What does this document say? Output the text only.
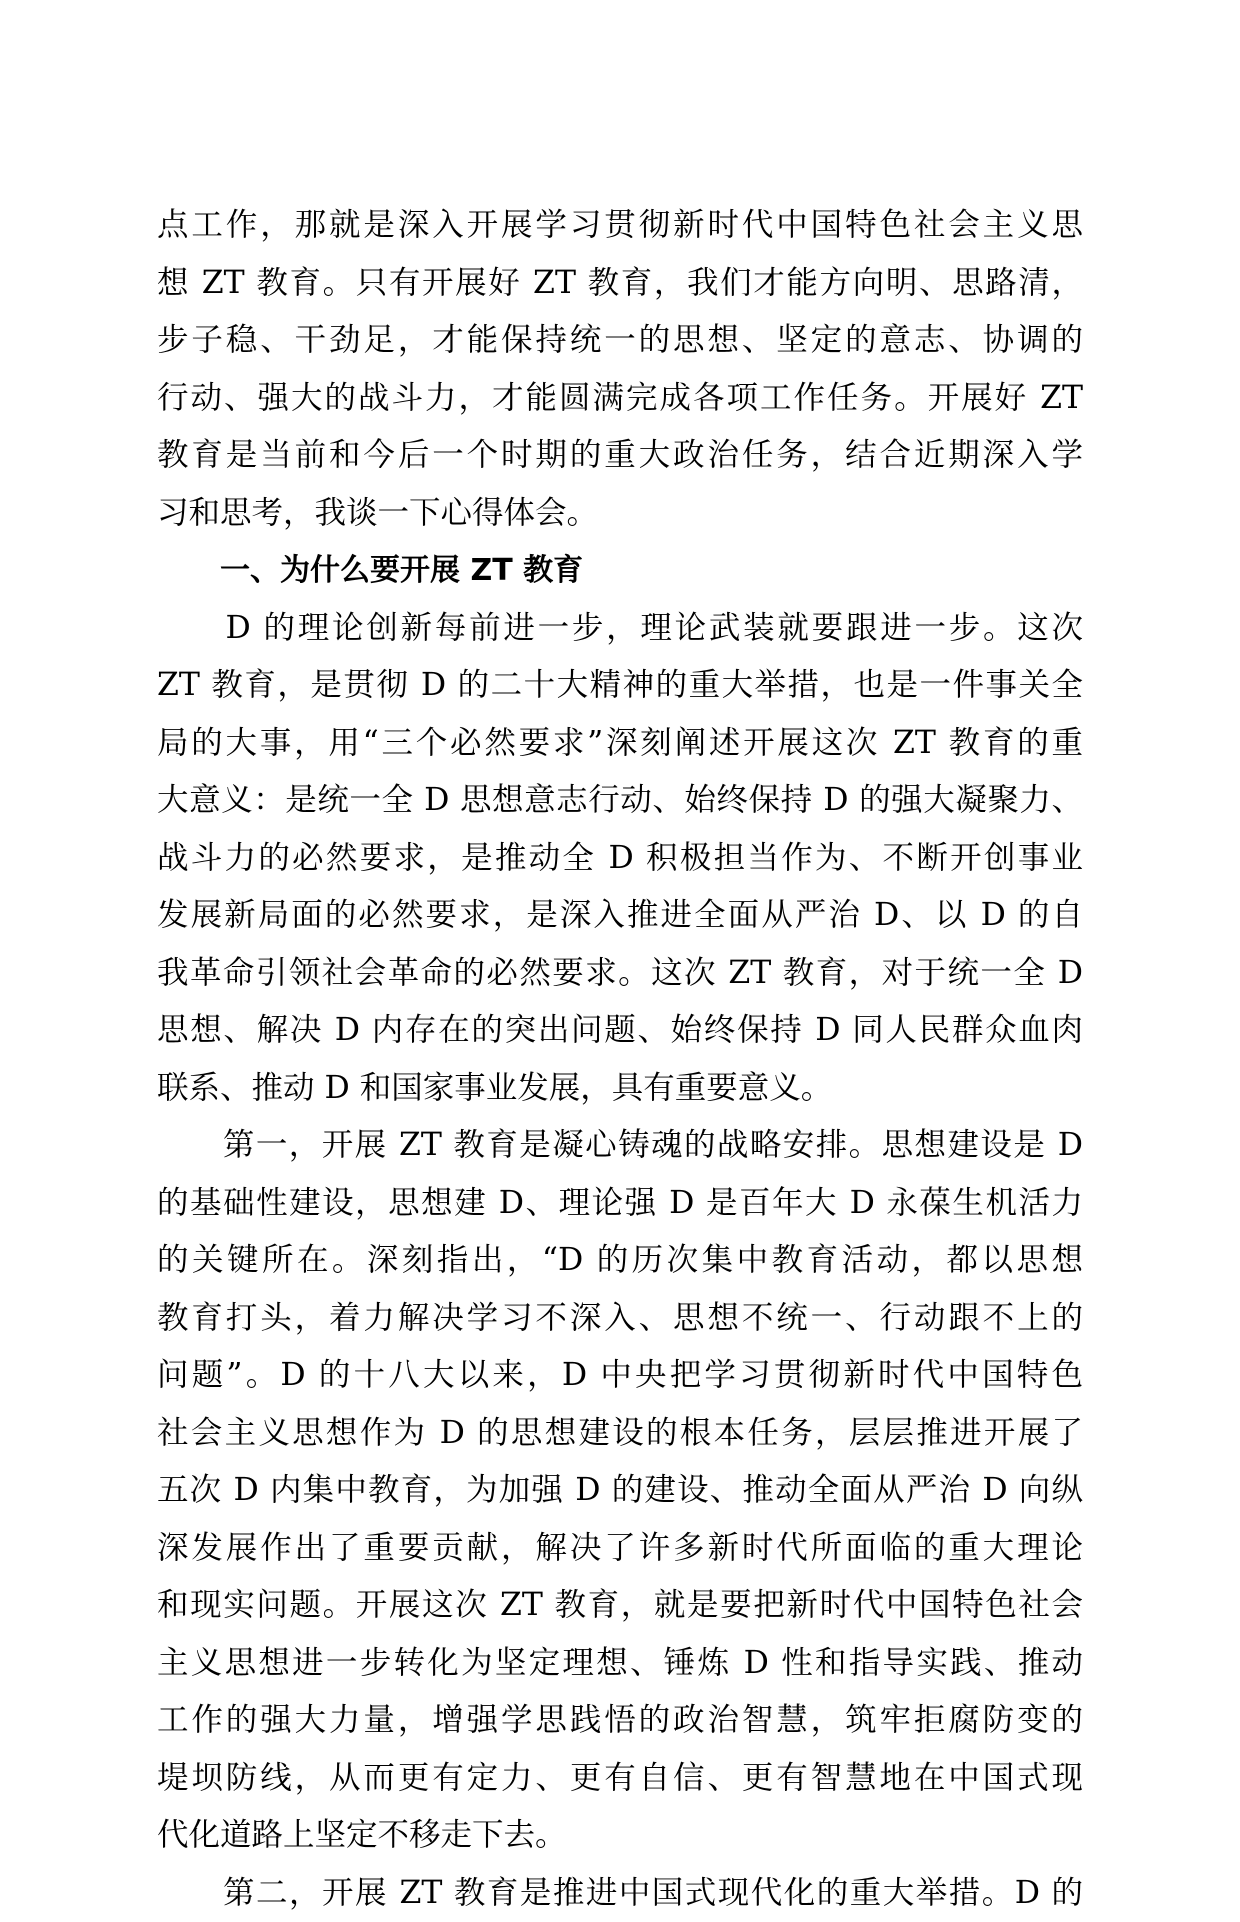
点工作，那就是深入开展学习贯彻新时代中国特色社会主义思
想 ZT 教育。只有开展好 ZT 教育，我们才能方向明、思路清，
步子稳、干劲足，才能保持统一的思想、坚定的意志、协调的
行动、强大的战斗力，才能圆满完成各项工作任务。开展好 ZT
教育是当前和今后一个时期的重大政治任务，结合近期深入学
习和思考，我谈一下心得体会。
一、为什么要开展 ZT 教育
　　D 的理论创新每前进一步，理论武装就要跟进一步。这次
ZT 教育，是贯彻 D 的二十大精神的重大举措，也是一件事关全
局的大事，用“三个必然要求”深刻阐述开展这次 ZT 教育的重
大意义：是统一全 D 思想意志行动、始终保持 D 的强大凝聚力、
战斗力的必然要求，是推动全 D 积极担当作为、不断开创事业
发展新局面的必然要求，是深入推进全面从严治 D、以 D 的自
我革命引领社会革命的必然要求。这次 ZT 教育，对于统一全 D
思想、解决 D 内存在的突出问题、始终保持 D 同人民群众血肉
联系、推动 D 和国家事业发展，具有重要意义。
　　第一，开展 ZT 教育是凝心铸魂的战略安排。思想建设是 D
的基础性建设，思想建 D、理论强 D 是百年大 D 永葆生机活力
的关键所在。深刻指出，“D 的历次集中教育活动，都以思想
教育打头，着力解决学习不深入、思想不统一、行动跟不上的
问题”。D 的十八大以来，D 中央把学习贯彻新时代中国特色
社会主义思想作为 D 的思想建设的根本任务，层层推进开展了
五次 D 内集中教育，为加强 D 的建设、推动全面从严治 D 向纵
深发展作出了重要贡献，解决了许多新时代所面临的重大理论
和现实问题。开展这次 ZT 教育，就是要把新时代中国特色社会
主义思想进一步转化为坚定理想、锤炼 D 性和指导实践、推动
工作的强大力量，增强学思践悟的政治智慧，筑牢拒腐防变的
堤坝防线，从而更有定力、更有自信、更有智慧地在中国式现
代化道路上坚定不移走下去。
　　第二，开展 ZT 教育是推进中国式现代化的重大举措。D 的
